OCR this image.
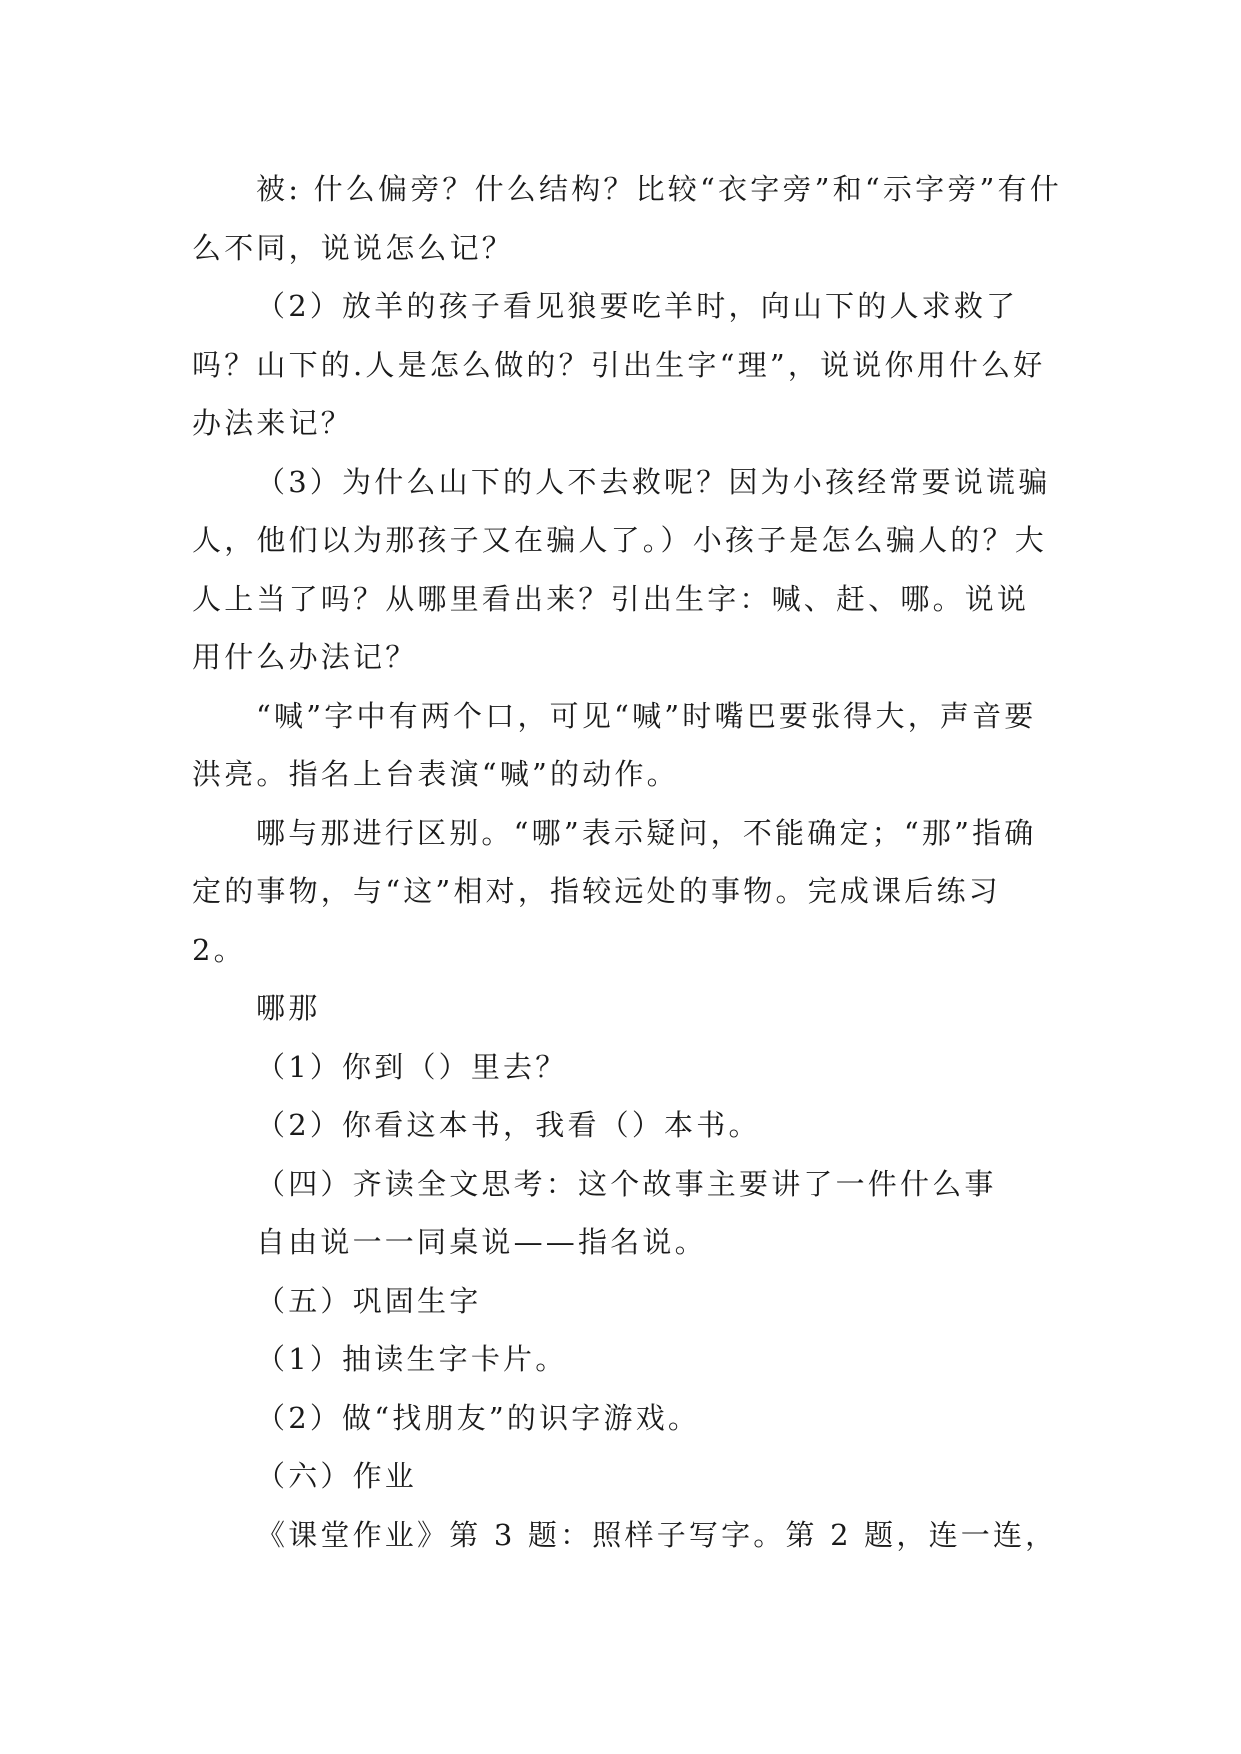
被: 什么偏旁？什么结构？比较“衣字旁”和“示字旁”有什么不同，说说怎么记？

（2）放羊的孩子看见狼要吃羊时，向山下的人求救了吗？山下的.人是怎么做的？引出生字“理”，说说你用什么好办法来记？

（3）为什么山下的人不去救呢？因为小孩经常要说谎骗人，他们以为那孩子又在骗人了。）小孩子是怎么骗人的？大人上当了吗？从哪里看出来？引出生字：喊、赶、哪。说说用什么办法记？

“喊”字中有两个口，可见“喊”时嘴巴要张得大，声音要洪亮。指名上台表演“喊”的动作。

哪与那进行区别。“哪”表示疑问，不能确定；“那”指确定的事物，与“这”相对，指较远处的事物。完成课后练习 2。

哪那

（1）你到（）里去？

（2）你看这本书，我看（）本书。

（四）齐读全文思考：这个故事主要讲了一件什么事

自由说一一同桌说——指名说。

（五）巩固生字

（1）抽读生字卡片。

（2）做“找朋友”的识字游戏。

（六）作业

《课堂作业》第 3 题：照样子写字。第 2 题，连一连，
